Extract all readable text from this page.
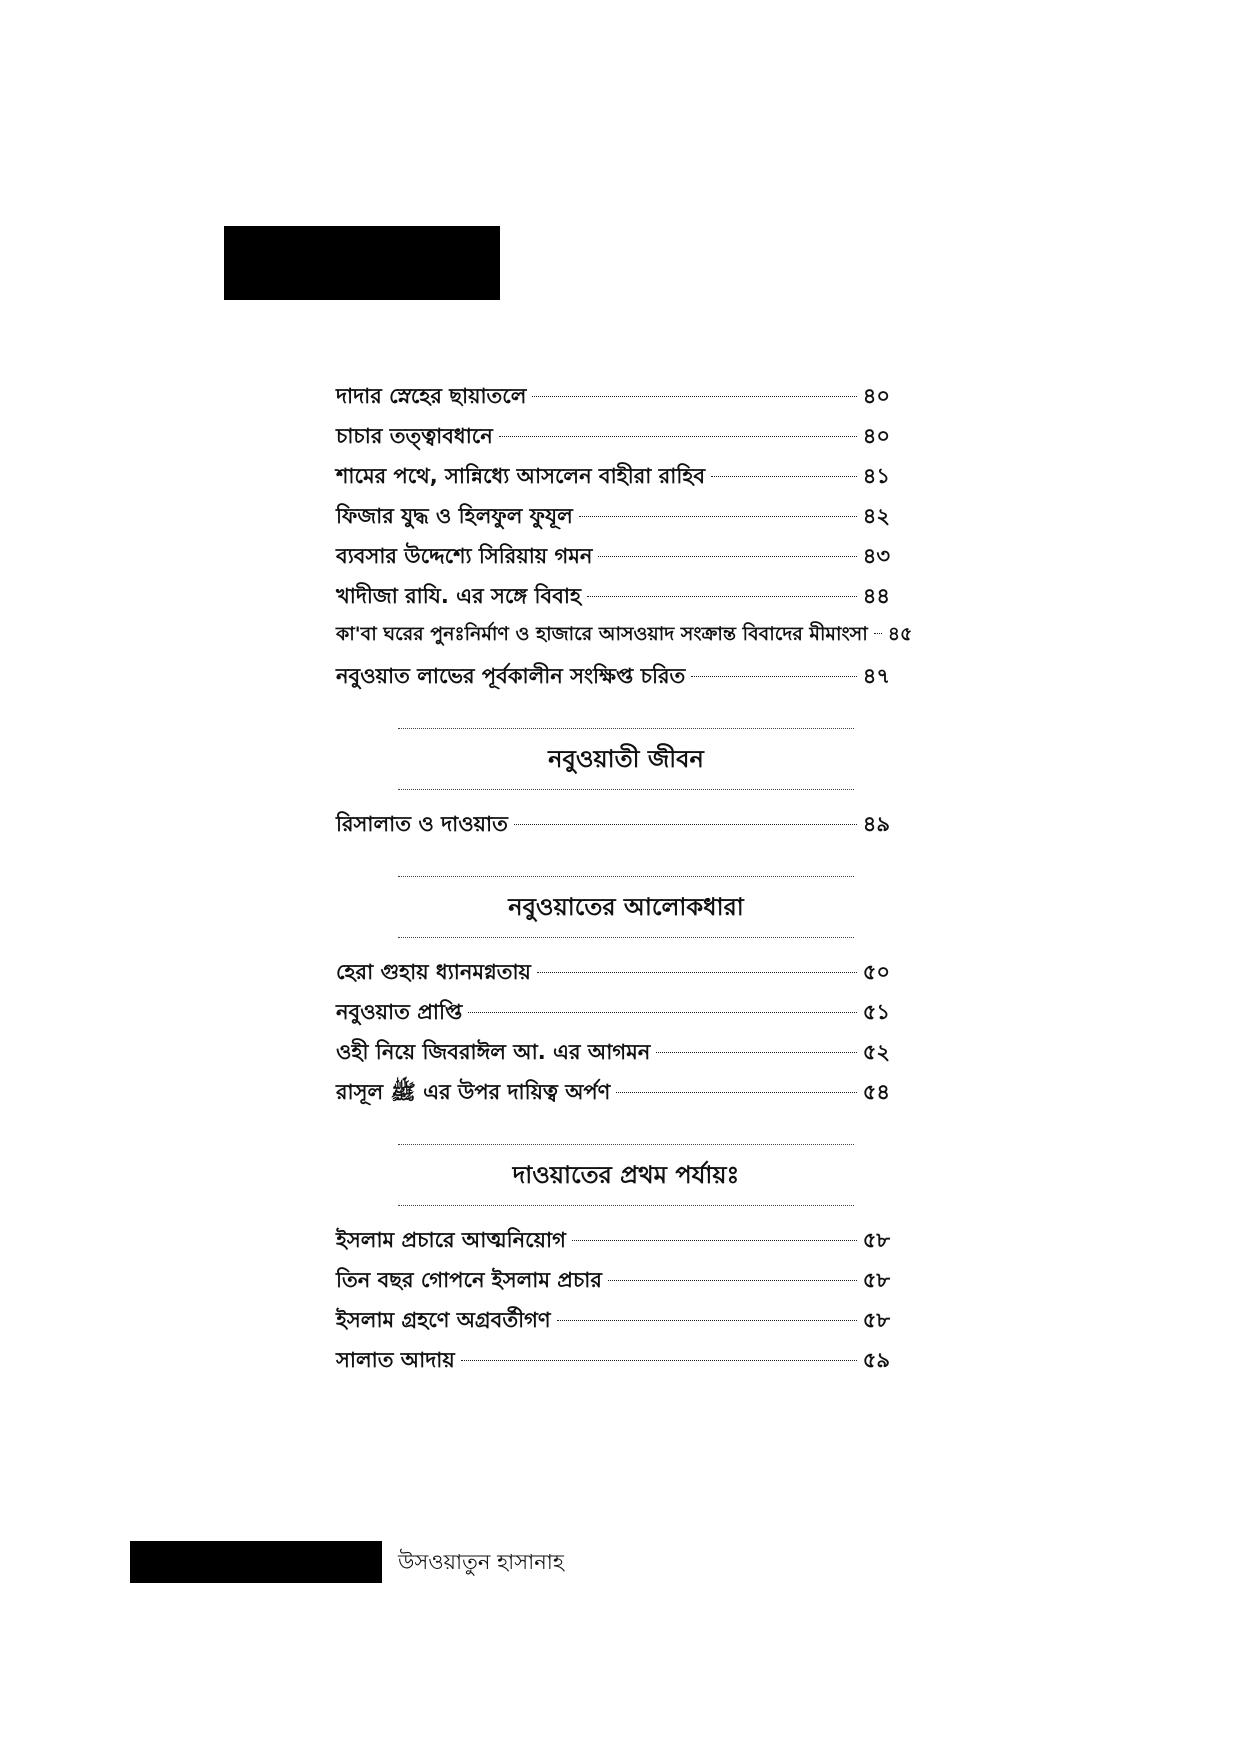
দাদার স্নেহের ছায়াতলে	৪০
চাচার তত্ত্বাবধানে	৪০
শামের পথে, সান্নিধ্যে আসলেন বাহীরা রাহিব	৪১
ফিজার যুদ্ধ ও হিলফুল ফুযূল	৪২
ব্যবসার উদ্দেশ্যে সিরিয়ায় গমন	৪৩
খাদীজা রাযি. এর সঙ্গে বিবাহ	৪৪
কা'বা ঘরের পুনঃনির্মাণ ও হাজারে আসওয়াদ সংক্রান্ত বিবাদের মীমাংসা ৪৫
নবুওয়াত লাভের পূর্বকালীন সংক্ষিপ্ত চরিত	৪৭
নবুওয়াতী জীবন
রিসালাত ও দাওয়াত	৪৯
নবুওয়াতের আলোকধারা
হেরা গুহায় ধ্যানমগ্নতায়	৫০
নবুওয়াত প্রাপ্তি	৫১
ওহী নিয়ে জিবরাঈল আ. এর আগমন	৫২
রাসূল ﷺ এর উপর দায়িত্ব অর্পণ	৫৪
দাওয়াতের প্রথম পর্যায়ঃ
ইসলাম প্রচারে আত্মনিয়োগ	৫৮
তিন বছর গোপনে ইসলাম প্রচার	৫৮
ইসলাম গ্রহণে অগ্রবর্তীগণ	৫৮
সালাত আদায়	৫৯
উসওয়াতুন হাসানাহ
